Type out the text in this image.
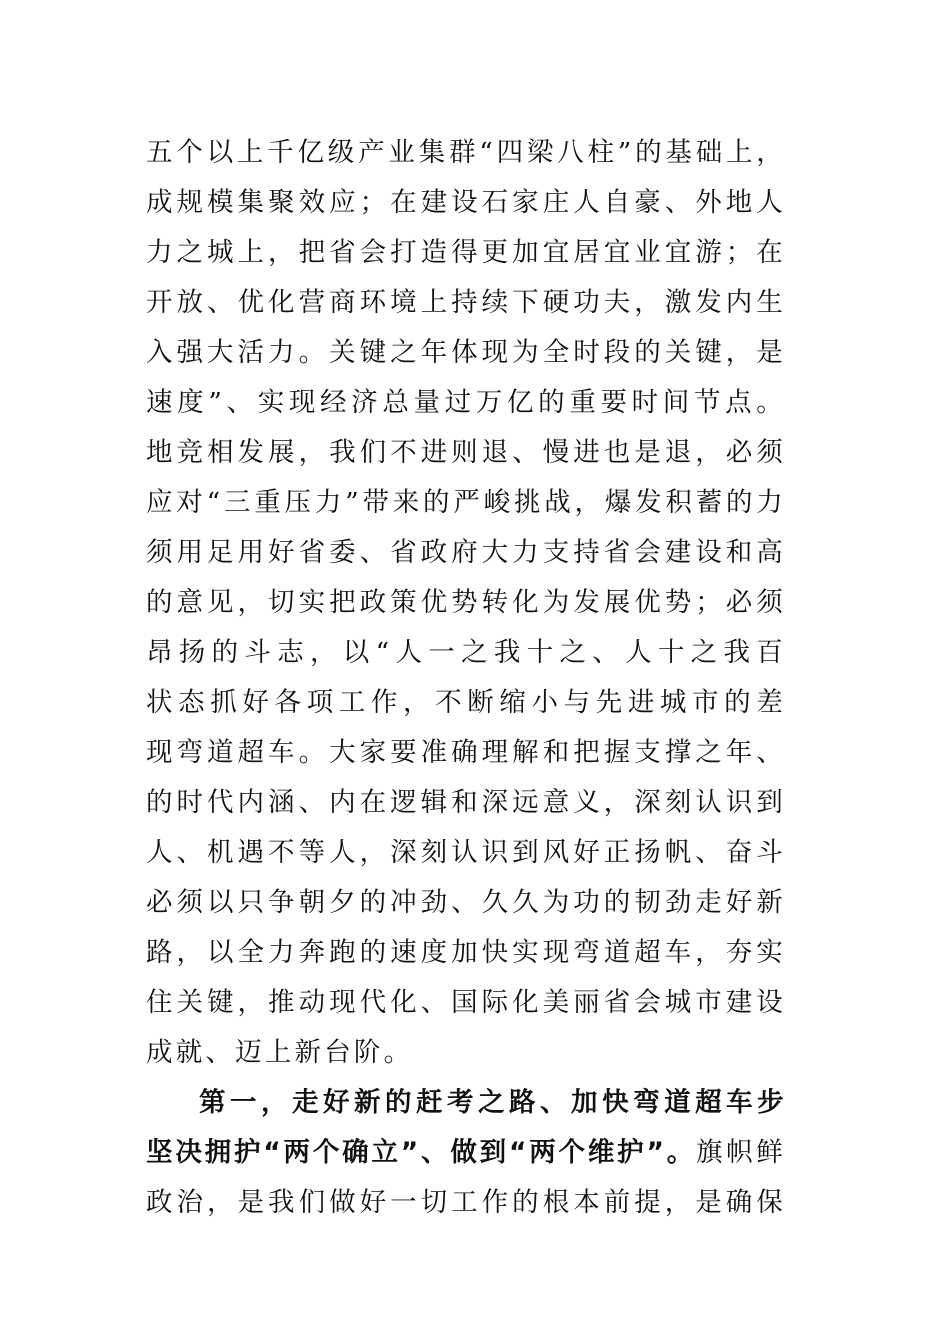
五个以上千亿级产业集群“四梁八柱”的基础上，
成规模集聚效应；在建设石家庄人自豪、外地人
力之城上，把省会打造得更加宜居宜业宜游；在
开放、优化营商环境上持续下硬功夫，激发内生
入强大活力。关键之年体现为全时段的关键，是
速度”、实现经济总量过万亿的重要时间节点。
地竞相发展，我们不进则退、慢进也是退，必须
应对“三重压力”带来的严峻挑战，爆发积蓄的力
须用足用好省委、省政府大力支持省会建设和高
的意见，切实把政策优势转化为发展优势；必须
昂扬的斗志，以“人一之我十之、人十之我百
状态抓好各项工作，不断缩小与先进城市的差
现弯道超车。大家要准确理解和把握支撑之年、
的时代内涵、内在逻辑和深远意义，深刻认识到
人、机遇不等人，深刻认识到风好正扬帆、奋斗
必须以只争朝夕的冲劲、久久为功的韧劲走好新
路，以全力奔跑的速度加快实现弯道超车，夯实
住关键，推动现代化、国际化美丽省会城市建设
成就、迈上新台阶。
第一，走好新的赶考之路、加快弯道超车步
坚决拥护“两个确立”、做到“两个维护”。旗帜鲜
政治，是我们做好一切工作的根本前提，是确保
